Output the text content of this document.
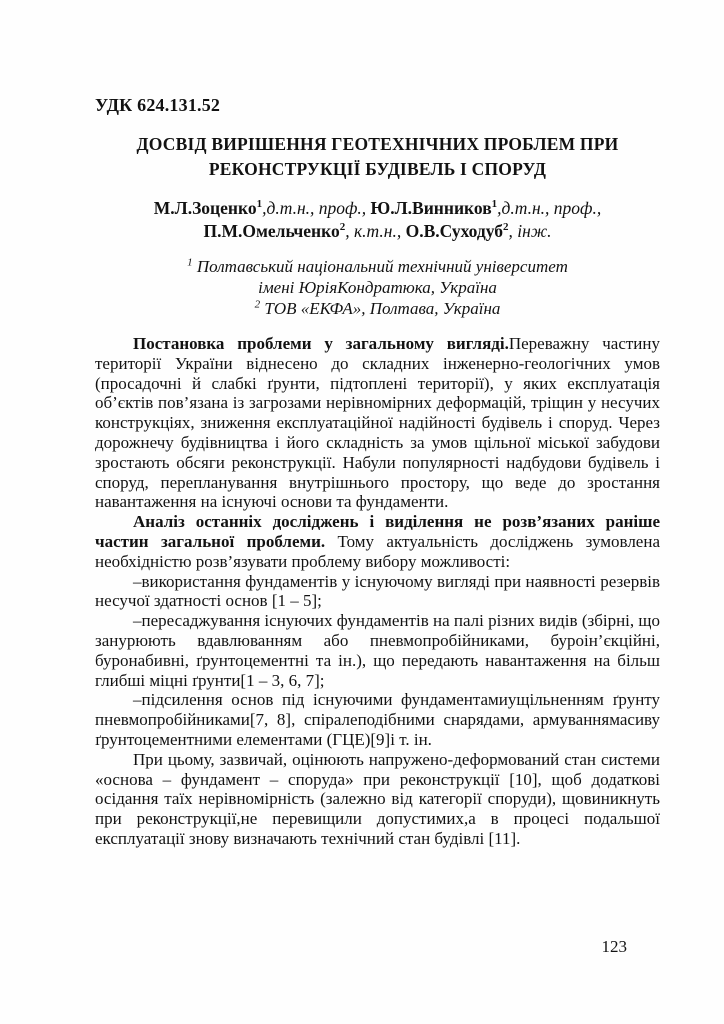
УДК 624.131.52
ДОСВІД ВИРІШЕННЯ ГЕОТЕХНІЧНИХ ПРОБЛЕМ ПРИ
РЕКОНСТРУКЦІЇ БУДІВЕЛЬ І СПОРУД
М.Л.Зоценко$^1$,д.т.н., проф., Ю.Л.Винников$^1$,д.т.н., проф.,
П.М.Омельченко$^2$, к.т.н., О.В.Суходуб$^2$, інж.
$^1$ Полтавський національний технічний університет
імені ЮріяКондратюка, Україна
$^2$ ТОВ «ЕКФА», Полтава, Україна

Постановка проблеми у загальному вигляді.Переважну частину території України віднесено до складних інженерно-геологічних умов (просадочні й слабкі ґрунти, підтоплені території), у яких експлуатація об’єктів пов’язана із загрозами нерівномірних деформацій, тріщин у несучих конструкціях, зниження експлуатаційної надійності будівель і споруд. Через дорожнечу будівництва і його складність за умов щільної міської забудови зростають обсяги реконструкції. Набули популярності надбудови будівель і споруд, перепланування внутрішнього простору, що веде до зростання навантаження на існуючі основи та фундаменти.

Аналіз останніх досліджень і виділення не розв’язаних раніше частин загальної проблеми. Тому актуальність досліджень зумовлена необхідністю розв’язувати проблему вибору можливості:

–використання фундаментів у існуючому вигляді при наявності резервів несучої здатності основ [1 – 5];

–пересаджування існуючих фундаментів на палі різних видів (збірні, що занурюють вдавлюванням або пневмопробійниками, буроін’єкційні, буронабивні, ґрунтоцементні та ін.), що передають навантаження на більш глибші міцні ґрунти[1 – 3, 6, 7];

–підсилення основ під існуючими фундаментамиущільненням ґрунту пневмопробійниками[7, 8], спіралеподібними снарядами, армуваннямасиву ґрунтоцементними елементами (ГЦЕ)[9]і т. ін.

При цьому, зазвичай, оцінюють напружено-деформований стан системи «основа – фундамент – споруда» при реконструкції [10], щоб додаткові осідання таїх нерівномірність (залежно від категорії споруди), щовиникнуть при реконструкції,не перевищили допустимих,а в процесі подальшої експлуатації знову визначають технічний стан будівлі [11].

123
